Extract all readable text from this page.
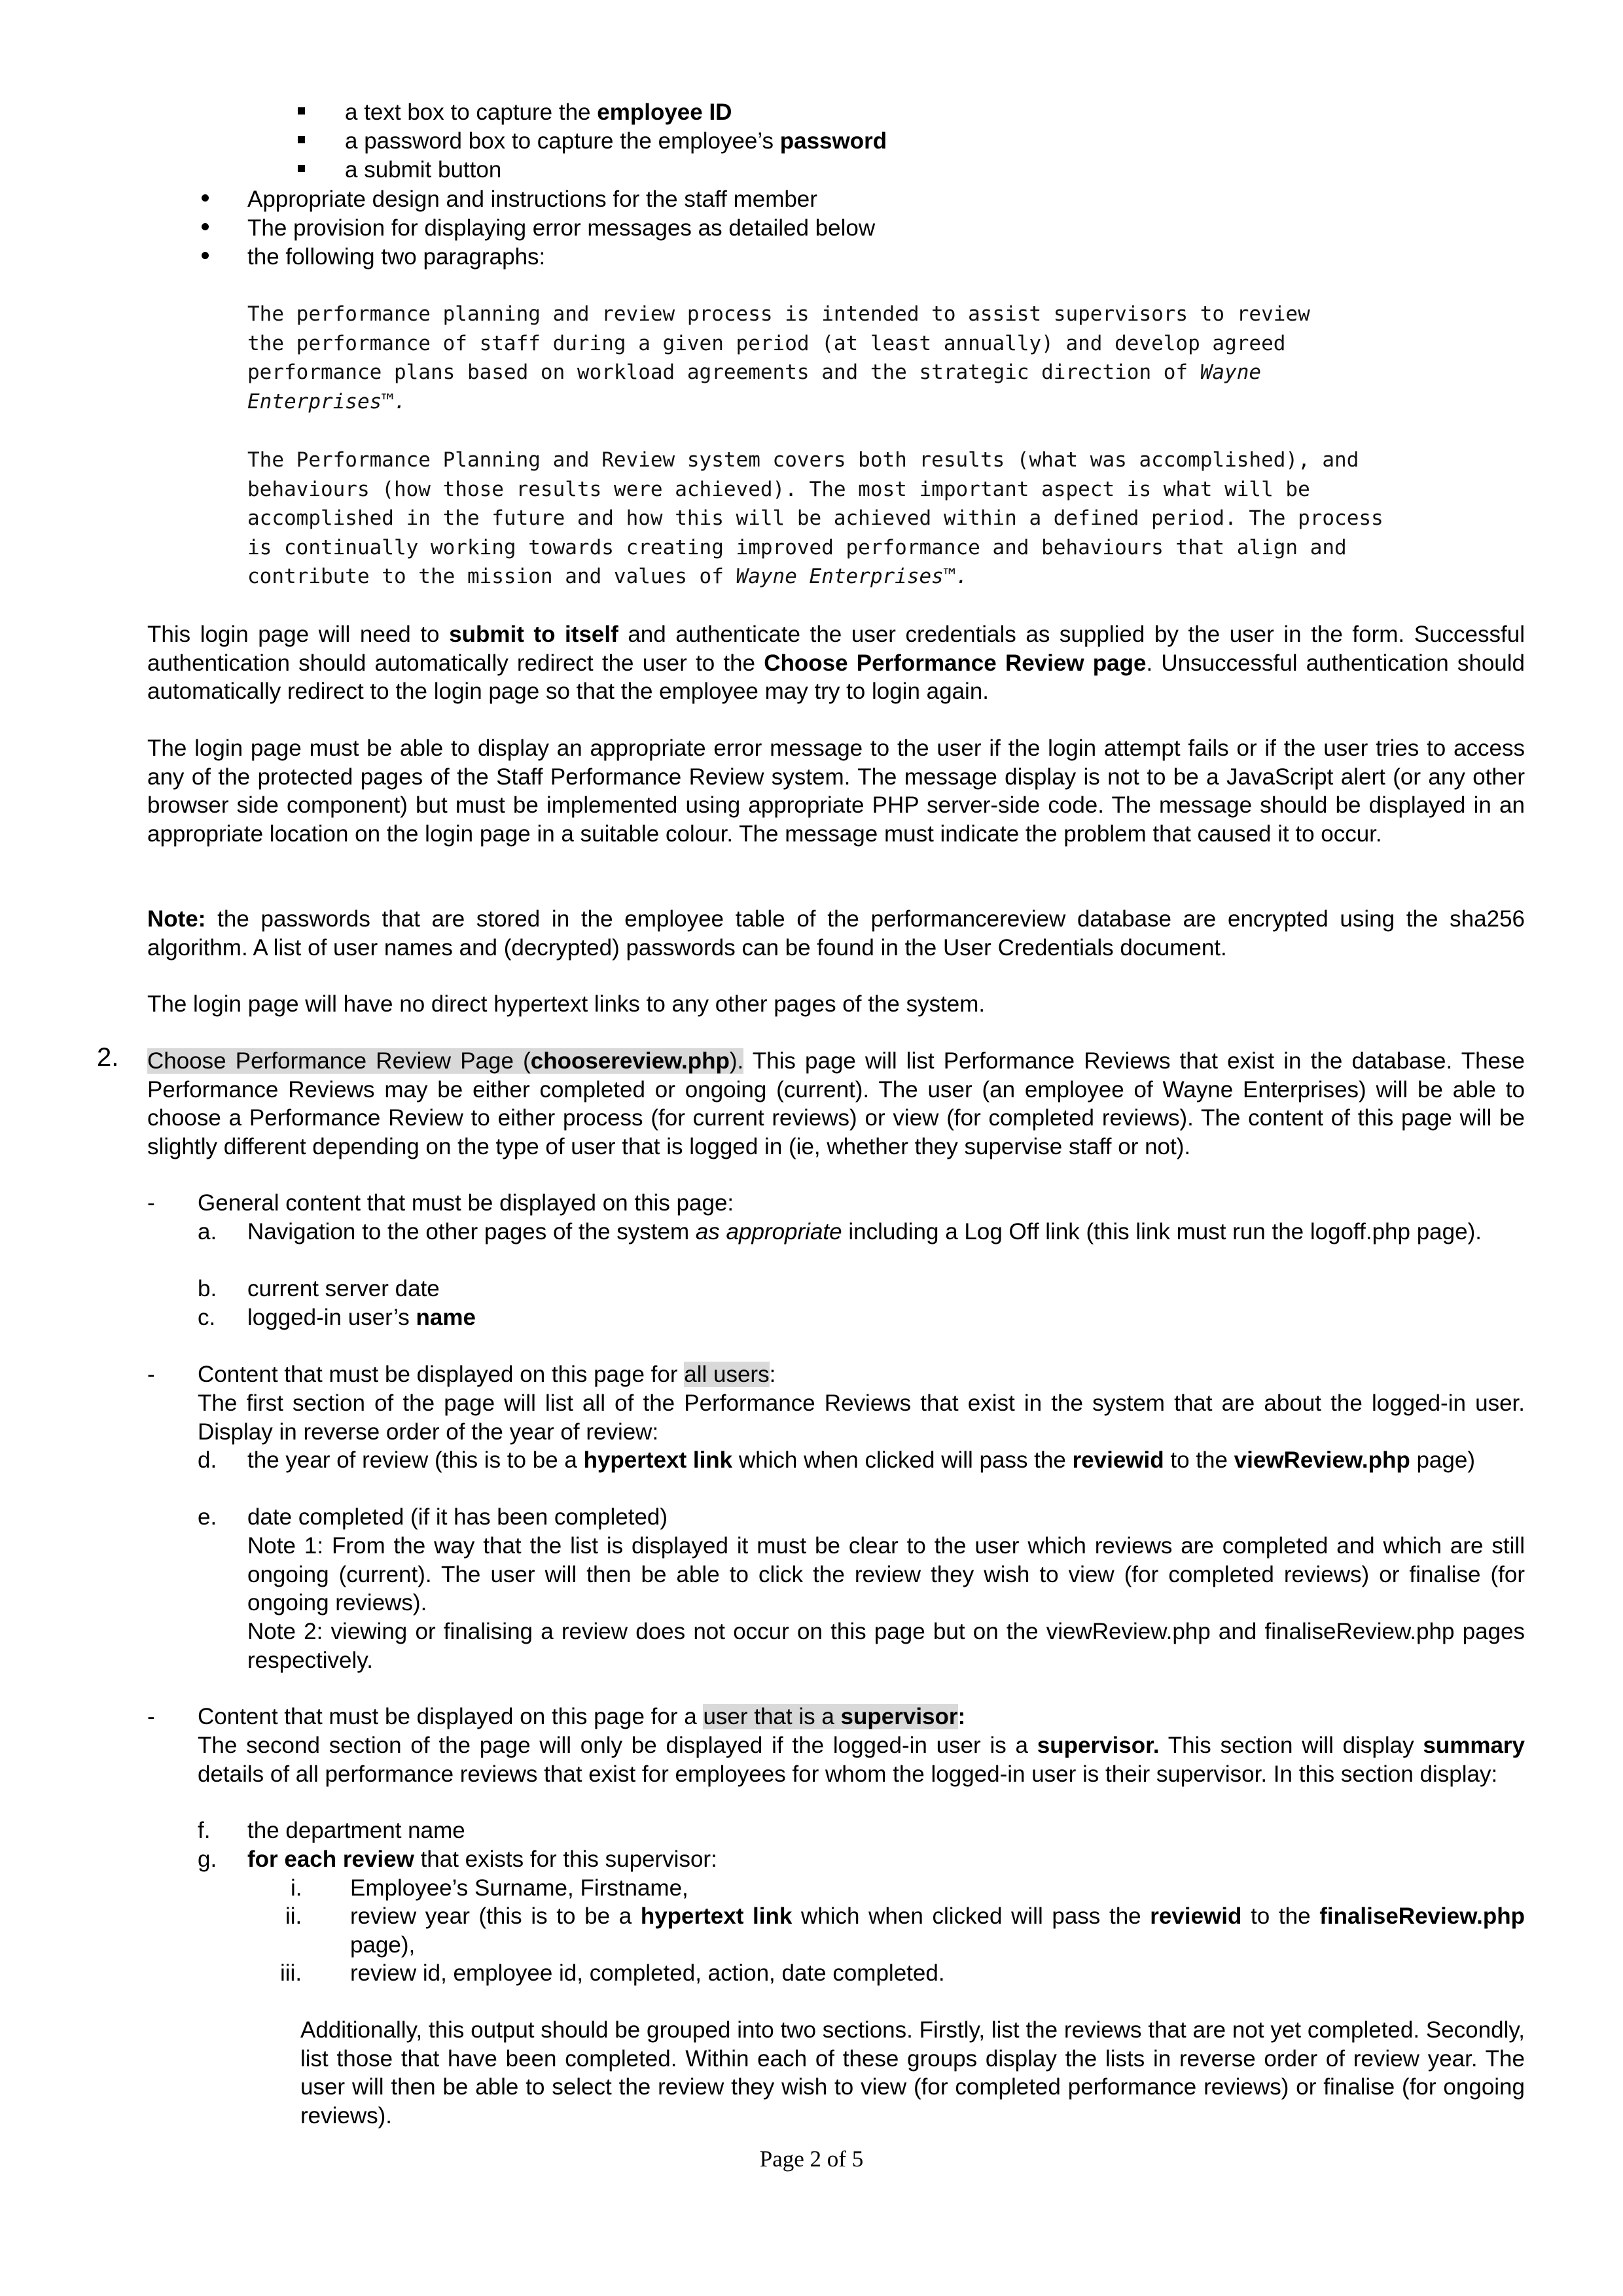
a text box to capture the employee ID
a password box to capture the employee’s password
a submit button
Appropriate design and instructions for the staff member
The provision for displaying error messages as detailed below
the following two paragraphs:
The performance planning and review process is intended to assist supervisors to review
the performance of staff during a given period (at least annually) and develop agreed
performance plans based on workload agreements and the strategic direction of Wayne
Enterprises™.
The Performance Planning and Review system covers both results (what was accomplished), and
behaviours (how those results were achieved). The most important aspect is what will be
accomplished in the future and how this will be achieved within a defined period. The process
is continually working towards creating improved performance and behaviours that align and
contribute to the mission and values of Wayne Enterprises™.
This login page will need to submit to itself and authenticate the user credentials as supplied by the user in the form. Successful authentication should automatically redirect the user to the Choose Performance Review page. Unsuccessful authentication should automatically redirect to the login page so that the employee may try to login again.
The login page must be able to display an appropriate error message to the user if the login attempt fails or if the user tries to access any of the protected pages of the Staff Performance Review system. The message display is not to be a JavaScript alert (or any other browser side component) but must be implemented using appropriate PHP server-side code. The message should be displayed in an appropriate location on the login page in a suitable colour. The message must indicate the problem that caused it to occur.
Note: the passwords that are stored in the employee table of the performancereview database are encrypted using the sha256 algorithm. A list of user names and (decrypted) passwords can be found in the User Credentials document.
The login page will have no direct hypertext links to any other pages of the system.
2. Choose Performance Review Page (choosereview.php). This page will list Performance Reviews that exist in the database. These Performance Reviews may be either completed or ongoing (current). The user (an employee of Wayne Enterprises) will be able to choose a Performance Review to either process (for current reviews) or view (for completed reviews). The content of this page will be slightly different depending on the type of user that is logged in (ie, whether they supervise staff or not).
- General content that must be displayed on this page:
a. Navigation to the other pages of the system as appropriate including a Log Off link (this link must run the logoff.php page).
b. current server date
c. logged-in user’s name
- Content that must be displayed on this page for all users:
The first section of the page will list all of the Performance Reviews that exist in the system that are about the logged-in user. Display in reverse order of the year of review:
d. the year of review (this is to be a hypertext link which when clicked will pass the reviewid to the viewReview.php page)
e. date completed (if it has been completed)
Note 1: From the way that the list is displayed it must be clear to the user which reviews are completed and which are still ongoing (current). The user will then be able to click the review they wish to view (for completed reviews) or finalise (for ongoing reviews).
Note 2: viewing or finalising a review does not occur on this page but on the viewReview.php and finaliseReview.php pages respectively.
- Content that must be displayed on this page for a user that is a supervisor:
The second section of the page will only be displayed if the logged-in user is a supervisor. This section will display summary details of all performance reviews that exist for employees for whom the logged-in user is their supervisor. In this section display:
f. the department name
g. for each review that exists for this supervisor:
i. Employee’s Surname, Firstname,
ii. review year (this is to be a hypertext link which when clicked will pass the reviewid to the finaliseReview.php page),
iii. review id, employee id, completed, action, date completed.
Additionally, this output should be grouped into two sections. Firstly, list the reviews that are not yet completed. Secondly, list those that have been completed. Within each of these groups display the lists in reverse order of review year. The user will then be able to select the review they wish to view (for completed performance reviews) or finalise (for ongoing reviews).
Page 2 of 5
